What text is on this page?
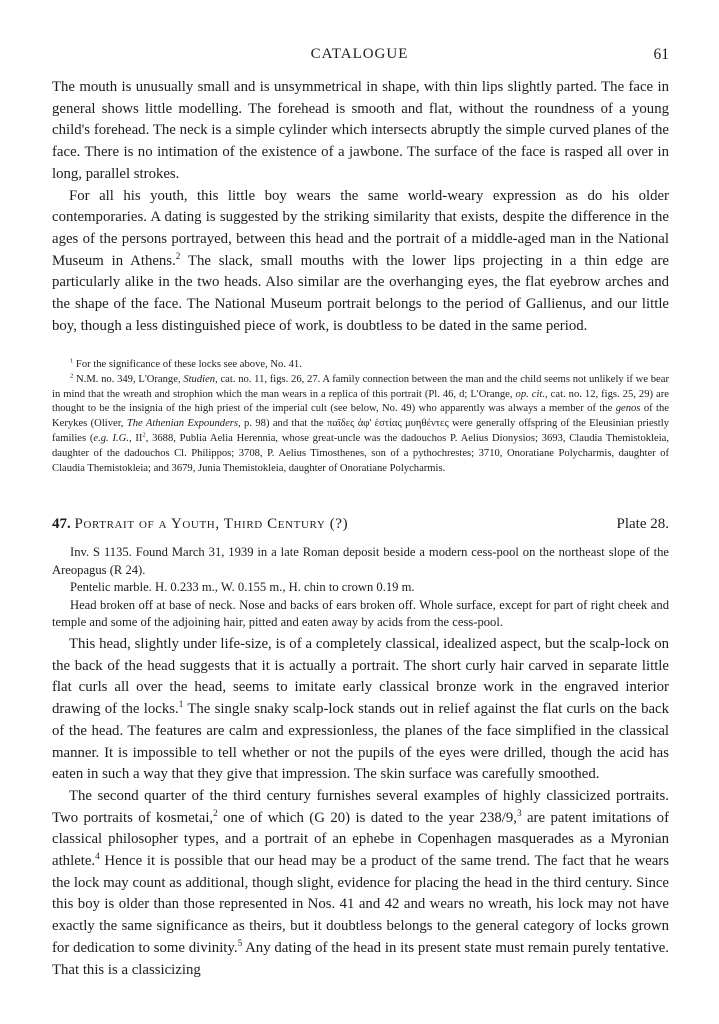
CATALOGUE	61

The mouth is unusually small and is unsymmetrical in shape, with thin lips slightly parted. The face in general shows little modelling. The forehead is smooth and flat, without the roundness of a young child's forehead. The neck is a simple cylinder which intersects abruptly the simple curved planes of the face. There is no intimation of the existence of a jawbone. The surface of the face is rasped all over in long, parallel strokes.

For all his youth, this little boy wears the same world-weary expression as do his older contemporaries. A dating is suggested by the striking similarity that exists, despite the difference in the ages of the persons portrayed, between this head and the portrait of a middle-aged man in the National Museum in Athens.$^2$ The slack, small mouths with the lower lips projecting in a thin edge are particularly alike in the two heads. Also similar are the overhanging eyes, the flat eyebrow arches and the shape of the face. The National Museum portrait belongs to the period of Gallienus, and our little boy, though a less distinguished piece of work, is doubtless to be dated in the same period.

$^1$ For the significance of these locks see above, No. 41.

$^2$ N.M. no. 349, L'Orange, Studien, cat. no. 11, figs. 26, 27. A family connection between the man and the child seems not unlikely if we bear in mind that the wreath and strophion which the man wears in a replica of this portrait (Pl. 46, d; L'Orange, op. cit., cat. no. 12, figs. 25, 29) are thought to be the insignia of the high priest of the imperial cult (see below, No. 49) who apparently was always a member of the genos of the Kerykes (Oliver, The Athenian Expounders, p. 98) and that the παῖδες ἀφ' ἑστίας μυηθέντες were generally offspring of the Eleusinian priestly families (e.g. I.G., $II^2$, 3688, Publia Aelia Herennia, whose great-uncle was the dadouchos P. Aelius Dionysios; 3693, Claudia Themistokleia, daughter of the dadouchos Cl. Philippos; 3708, P. Aelius Timosthenes, son of a pythochrestes; 3710, Onoratiane Polycharmis, daughter of Claudia Themistokleia; and 3679, Junia Themistokleia, daughter of Onoratiane Polycharmis.

47. Portrait of a Youth, Third Century (?)	Plate 28.

Inv. S 1135. Found March 31, 1939 in a late Roman deposit beside a modern cess-pool on the northeast slope of the Areopagus (R 24).

Pentelic marble. H. 0.233 m., W. 0.155 m., H. chin to crown 0.19 m.

Head broken off at base of neck. Nose and backs of ears broken off. Whole surface, except for part of right cheek and temple and some of the adjoining hair, pitted and eaten away by acids from the cess-pool.

This head, slightly under life-size, is of a completely classical, idealized aspect, but the scalp-lock on the back of the head suggests that it is actually a portrait. The short curly hair carved in separate little flat curls all over the head, seems to imitate early classical bronze work in the engraved interior drawing of the locks.$^1$ The single snaky scalp-lock stands out in relief against the flat curls on the back of the head. The features are calm and expressionless, the planes of the face simplified in the classical manner. It is impossible to tell whether or not the pupils of the eyes were drilled, though the acid has eaten in such a way that they give that impression. The skin surface was carefully smoothed.

The second quarter of the third century furnishes several examples of highly classicized portraits. Two portraits of kosmetai,$^2$ one of which (G 20) is dated to the year 238/9,$^3$ are patent imitations of classical philosopher types, and a portrait of an ephebe in Copenhagen masquerades as a Myronian athlete.$^4$ Hence it is possible that our head may be a product of the same trend. The fact that he wears the lock may count as additional, though slight, evidence for placing the head in the third century. Since this boy is older than those represented in Nos. 41 and 42 and wears no wreath, his lock may not have exactly the same significance as theirs, but it doubtless belongs to the general category of locks grown for dedication to some divinity.$^5$ Any dating of the head in its present state must remain purely tentative. That this is a classicizing
